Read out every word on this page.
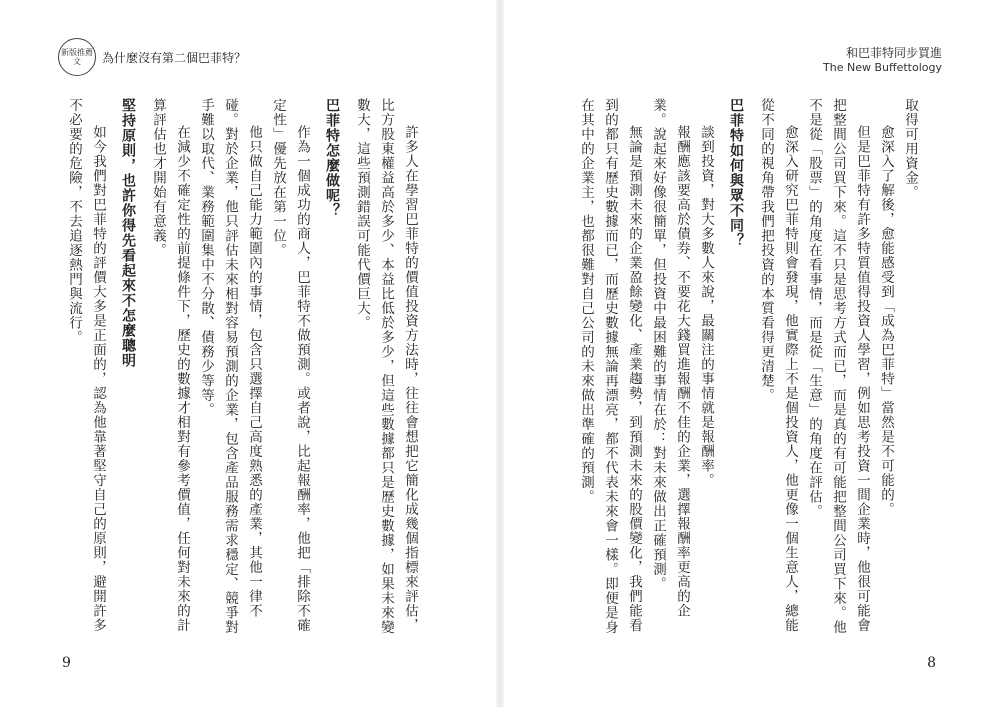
新版推薦文	為什麼沒有第二個巴菲特？

許多人在學習巴菲特的價值投資方法時，往往會想把它簡化成幾個指標來評估，比方股東權益高於多少、本益比低於多少，但這些數據都只是歷史數據，如果未來變數大，這些預測錯誤可能代價巨大。

巴菲特怎麼做呢？

作為一個成功的商人，巴菲特不做預測。或者說，比起報酬率，他把「排除不確定性」優先放在第一位。

他只做自己能力範圍內的事情，包含只選擇自己高度熟悉的產業，其他一律不碰。對於企業，他只評估未來相對容易預測的企業，包含產品服務需求穩定、競爭對手難以取代、業務範圍集中不分散、債務少等等。

在減少不確定性的前提條件下，歷史的數據才相對有參考價值，任何對未來的計算評估也才開始有意義。

堅持原則，也許你得先看起來不怎麼聰明

如今我們對巴菲特的評價大多是正面的，認為他靠著堅守自己的原則，避開許多不必要的危險，不去追逐熱門與流行。

9
和巴菲特同步買進
The New Buffettology

取得可用資金。

愈深入了解後，愈能感受到「成為巴菲特」當然是不可能的。

但是巴菲特有許多特質值得投資人學習，例如思考投資一間企業時，他很可能會把整間公司買下來。這不只是思考方式而已，而是真的有可能把整間公司買下來。他不是從「股票」的角度在看事情，而是從「生意」的角度在評估。

愈深入研究巴菲特則會發現，他實際上不是個投資人，他更像一個生意人，總能從不同的視角帶我們把投資的本質看得更清楚。

巴菲特如何與眾不同？

談到投資，對大多數人來說，最關注的事情就是報酬率。

報酬應該要高於債券、不要花大錢買進報酬不佳的企業，選擇報酬率更高的企業。說起來好像很簡單，但投資中最困難的事情在於：對未來做出正確預測。

無論是預測未來的企業盈餘變化、產業趨勢，到預測未來的股價變化，我們能看到的都只有歷史數據而已，而歷史數據無論再漂亮，都不代表未來會一樣。即便是身在其中的企業主，也都很難對自己公司的未來做出準確的預測。

8
